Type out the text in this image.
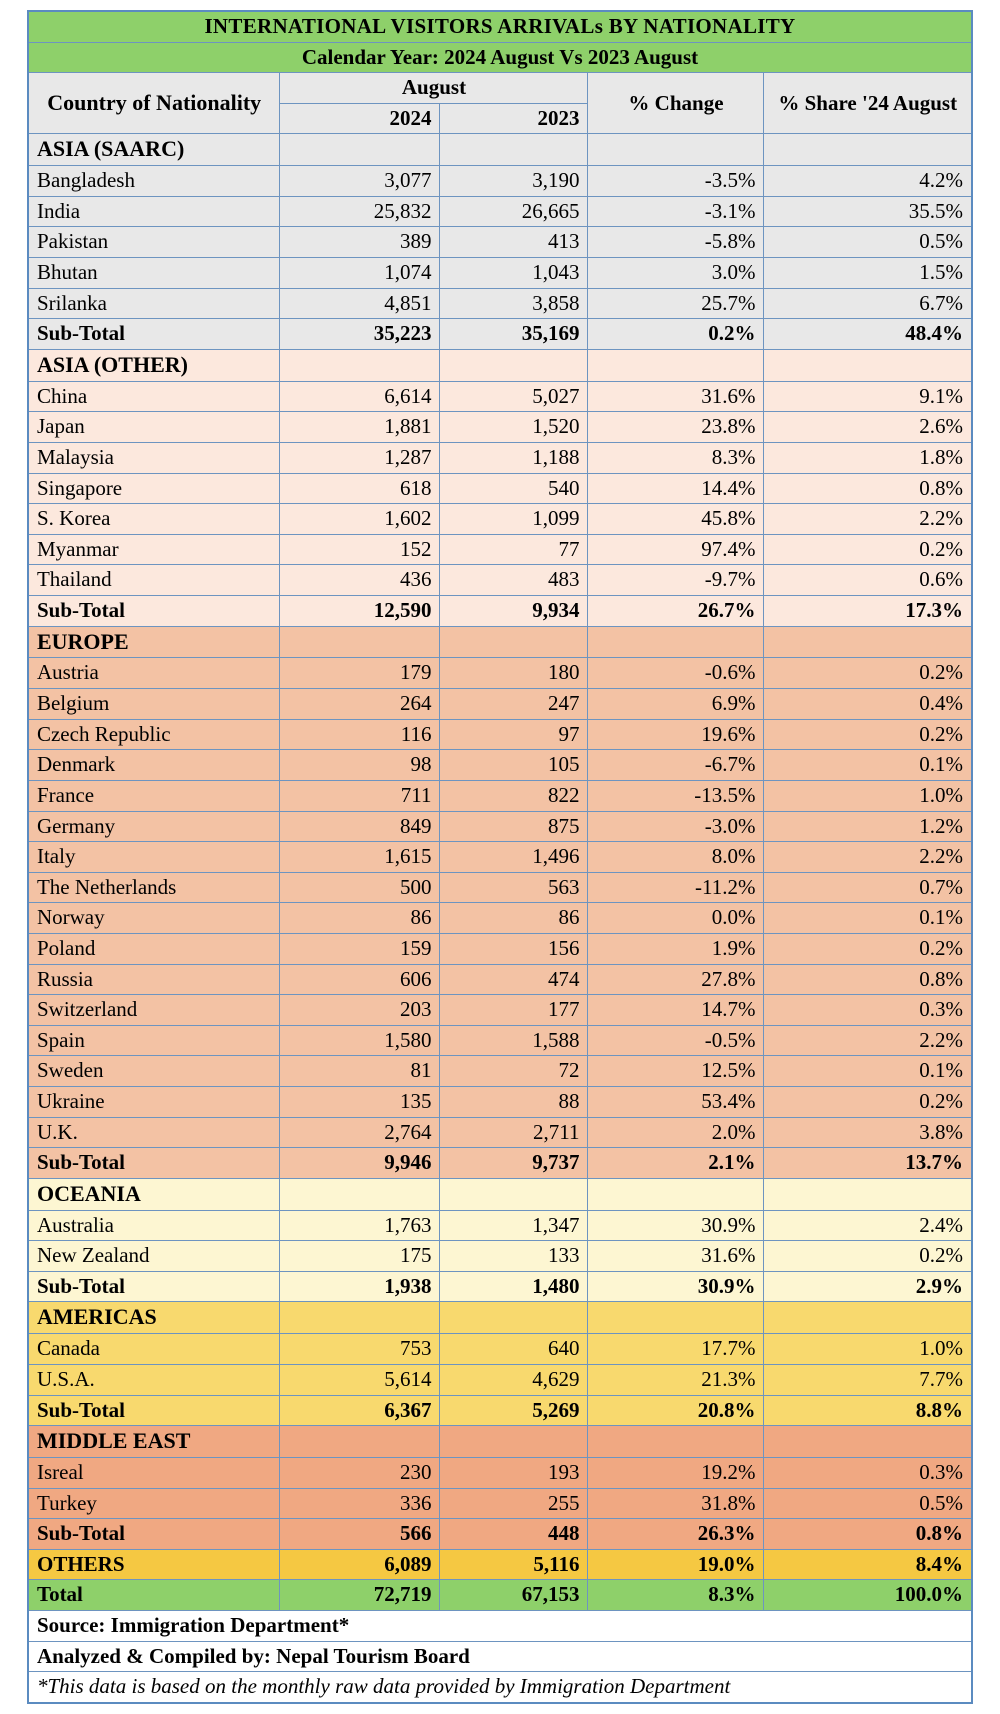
INTERNATIONAL VISITORS ARRIVALs BY NATIONALITY				
Calendar Year: 2024 August Vs 2023 August				
Country of Nationality	August		% Change	% Share '24 August
	2024	2023		
ASIA (SAARC)				
Bangladesh	3,077	3,190	-3.5%	4.2%
India	25,832	26,665	-3.1%	35.5%
Pakistan	389	413	-5.8%	0.5%
Bhutan	1,074	1,043	3.0%	1.5%
Srilanka	4,851	3,858	25.7%	6.7%
Sub-Total	35,223	35,169	0.2%	48.4%
ASIA (OTHER)				
China	6,614	5,027	31.6%	9.1%
Japan	1,881	1,520	23.8%	2.6%
Malaysia	1,287	1,188	8.3%	1.8%
Singapore	618	540	14.4%	0.8%
S. Korea	1,602	1,099	45.8%	2.2%
Myanmar	152	77	97.4%	0.2%
Thailand	436	483	-9.7%	0.6%
Sub-Total	12,590	9,934	26.7%	17.3%
EUROPE				
Austria	179	180	-0.6%	0.2%
Belgium	264	247	6.9%	0.4%
Czech Republic	116	97	19.6%	0.2%
Denmark	98	105	-6.7%	0.1%
France	711	822	-13.5%	1.0%
Germany	849	875	-3.0%	1.2%
Italy	1,615	1,496	8.0%	2.2%
The Netherlands	500	563	-11.2%	0.7%
Norway	86	86	0.0%	0.1%
Poland	159	156	1.9%	0.2%
Russia	606	474	27.8%	0.8%
Switzerland	203	177	14.7%	0.3%
Spain	1,580	1,588	-0.5%	2.2%
Sweden	81	72	12.5%	0.1%
Ukraine	135	88	53.4%	0.2%
U.K.	2,764	2,711	2.0%	3.8%
Sub-Total	9,946	9,737	2.1%	13.7%
OCEANIA				
Australia	1,763	1,347	30.9%	2.4%
New Zealand	175	133	31.6%	0.2%
Sub-Total	1,938	1,480	30.9%	2.9%
AMERICAS				
Canada	753	640	17.7%	1.0%
U.S.A.	5,614	4,629	21.3%	7.7%
Sub-Total	6,367	5,269	20.8%	8.8%
MIDDLE EAST				
Isreal	230	193	19.2%	0.3%
Turkey	336	255	31.8%	0.5%
Sub-Total	566	448	26.3%	0.8%
OTHERS	6,089	5,116	19.0%	8.4%
Total	72,719	67,153	8.3%	100.0%
Source: Immigration Department*				
Analyzed & Compiled by: Nepal Tourism Board				
*This data is based on the monthly raw data provided by Immigration Department				
